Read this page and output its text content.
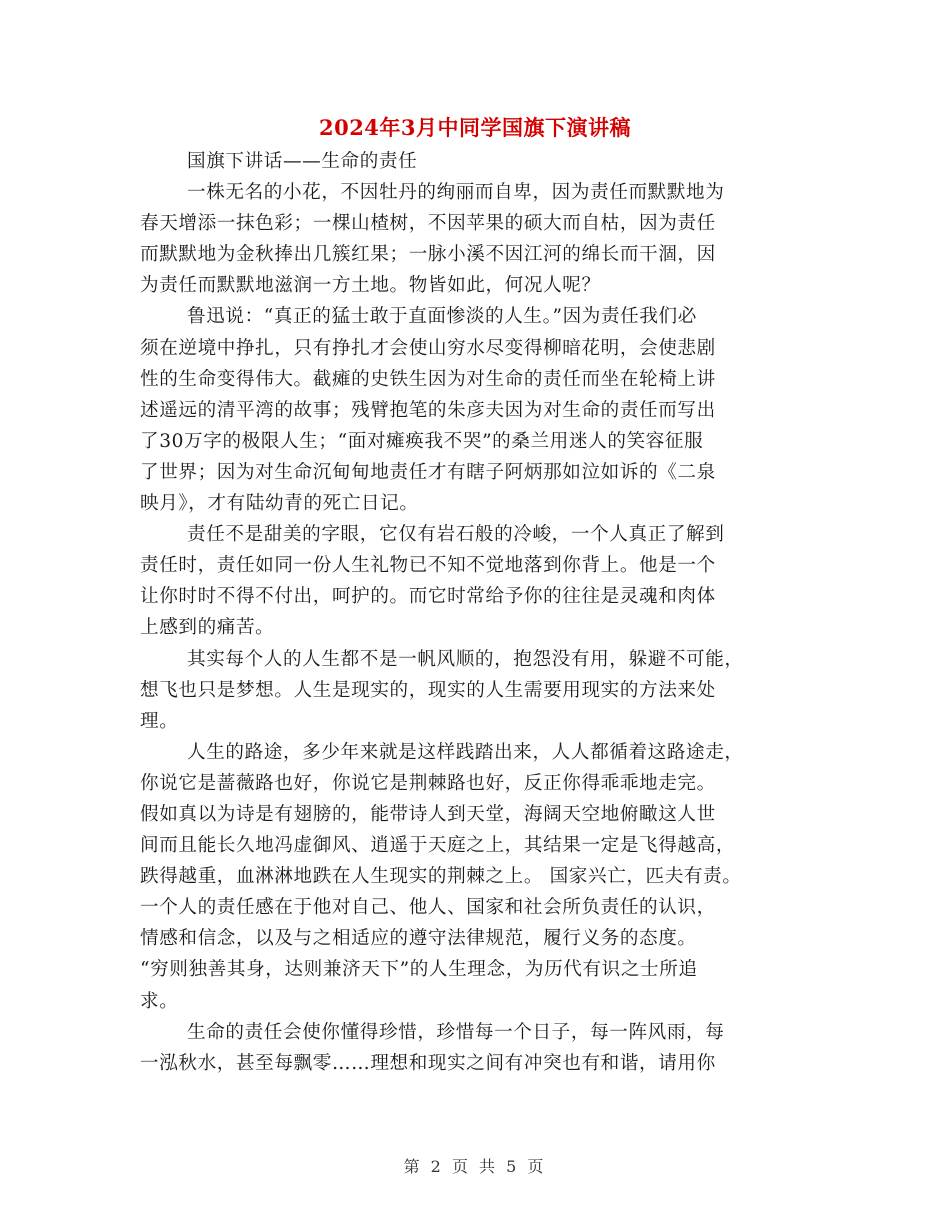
2024年3月中同学国旗下演讲稿
国旗下讲话——生命的责任
一株无名的小花，不因牡丹的绚丽而自卑，因为责任而默默地为
春天增添一抹色彩；一棵山楂树，不因苹果的硕大而自枯，因为责任
而默默地为金秋捧出几簇红果；一脉小溪不因江河的绵长而干涸，因
为责任而默默地滋润一方土地。物皆如此，何况人呢？
鲁迅说：“真正的猛士敢于直面惨淡的人生。”因为责任我们必
须在逆境中挣扎，只有挣扎才会使山穷水尽变得柳暗花明，会使悲剧
性的生命变得伟大。截瘫的史铁生因为对生命的责任而坐在轮椅上讲
述遥远的清平湾的故事；残臂抱笔的朱彦夫因为对生命的责任而写出
了30万字的极限人生；“面对瘫痪我不哭”的桑兰用迷人的笑容征服
了世界；因为对生命沉甸甸地责任才有瞎子阿炳那如泣如诉的《二泉
映月》，才有陆幼青的死亡日记。
责任不是甜美的字眼，它仅有岩石般的冷峻，一个人真正了解到
责任时，责任如同一份人生礼物已不知不觉地落到你背上。他是一个
让你时时不得不付出，呵护的。而它时常给予你的往往是灵魂和肉体
上感到的痛苦。
其实每个人的人生都不是一帆风顺的，抱怨没有用，躲避不可能，
想飞也只是梦想。人生是现实的，现实的人生需要用现实的方法来处
理。
人生的路途，多少年来就是这样践踏出来，人人都循着这路途走，
你说它是蔷薇路也好，你说它是荆棘路也好，反正你得乖乖地走完。
假如真以为诗是有翅膀的，能带诗人到天堂，海阔天空地俯瞰这人世
间而且能长久地冯虚御风、逍遥于天庭之上，其结果一定是飞得越高，
跌得越重，血淋淋地跌在人生现实的荆棘之上。 国家兴亡，匹夫有责。
一个人的责任感在于他对自己、他人、国家和社会所负责任的认识，
情感和信念，以及与之相适应的遵守法律规范，履行义务的态度。
“穷则独善其身，达则兼济天下”的人生理念，为历代有识之士所追
求。
生命的责任会使你懂得珍惜，珍惜每一个日子，每一阵风雨，每
一泓秋水，甚至每飘零……理想和现实之间有冲突也有和谐，请用你
第 2 页 共 5 页
